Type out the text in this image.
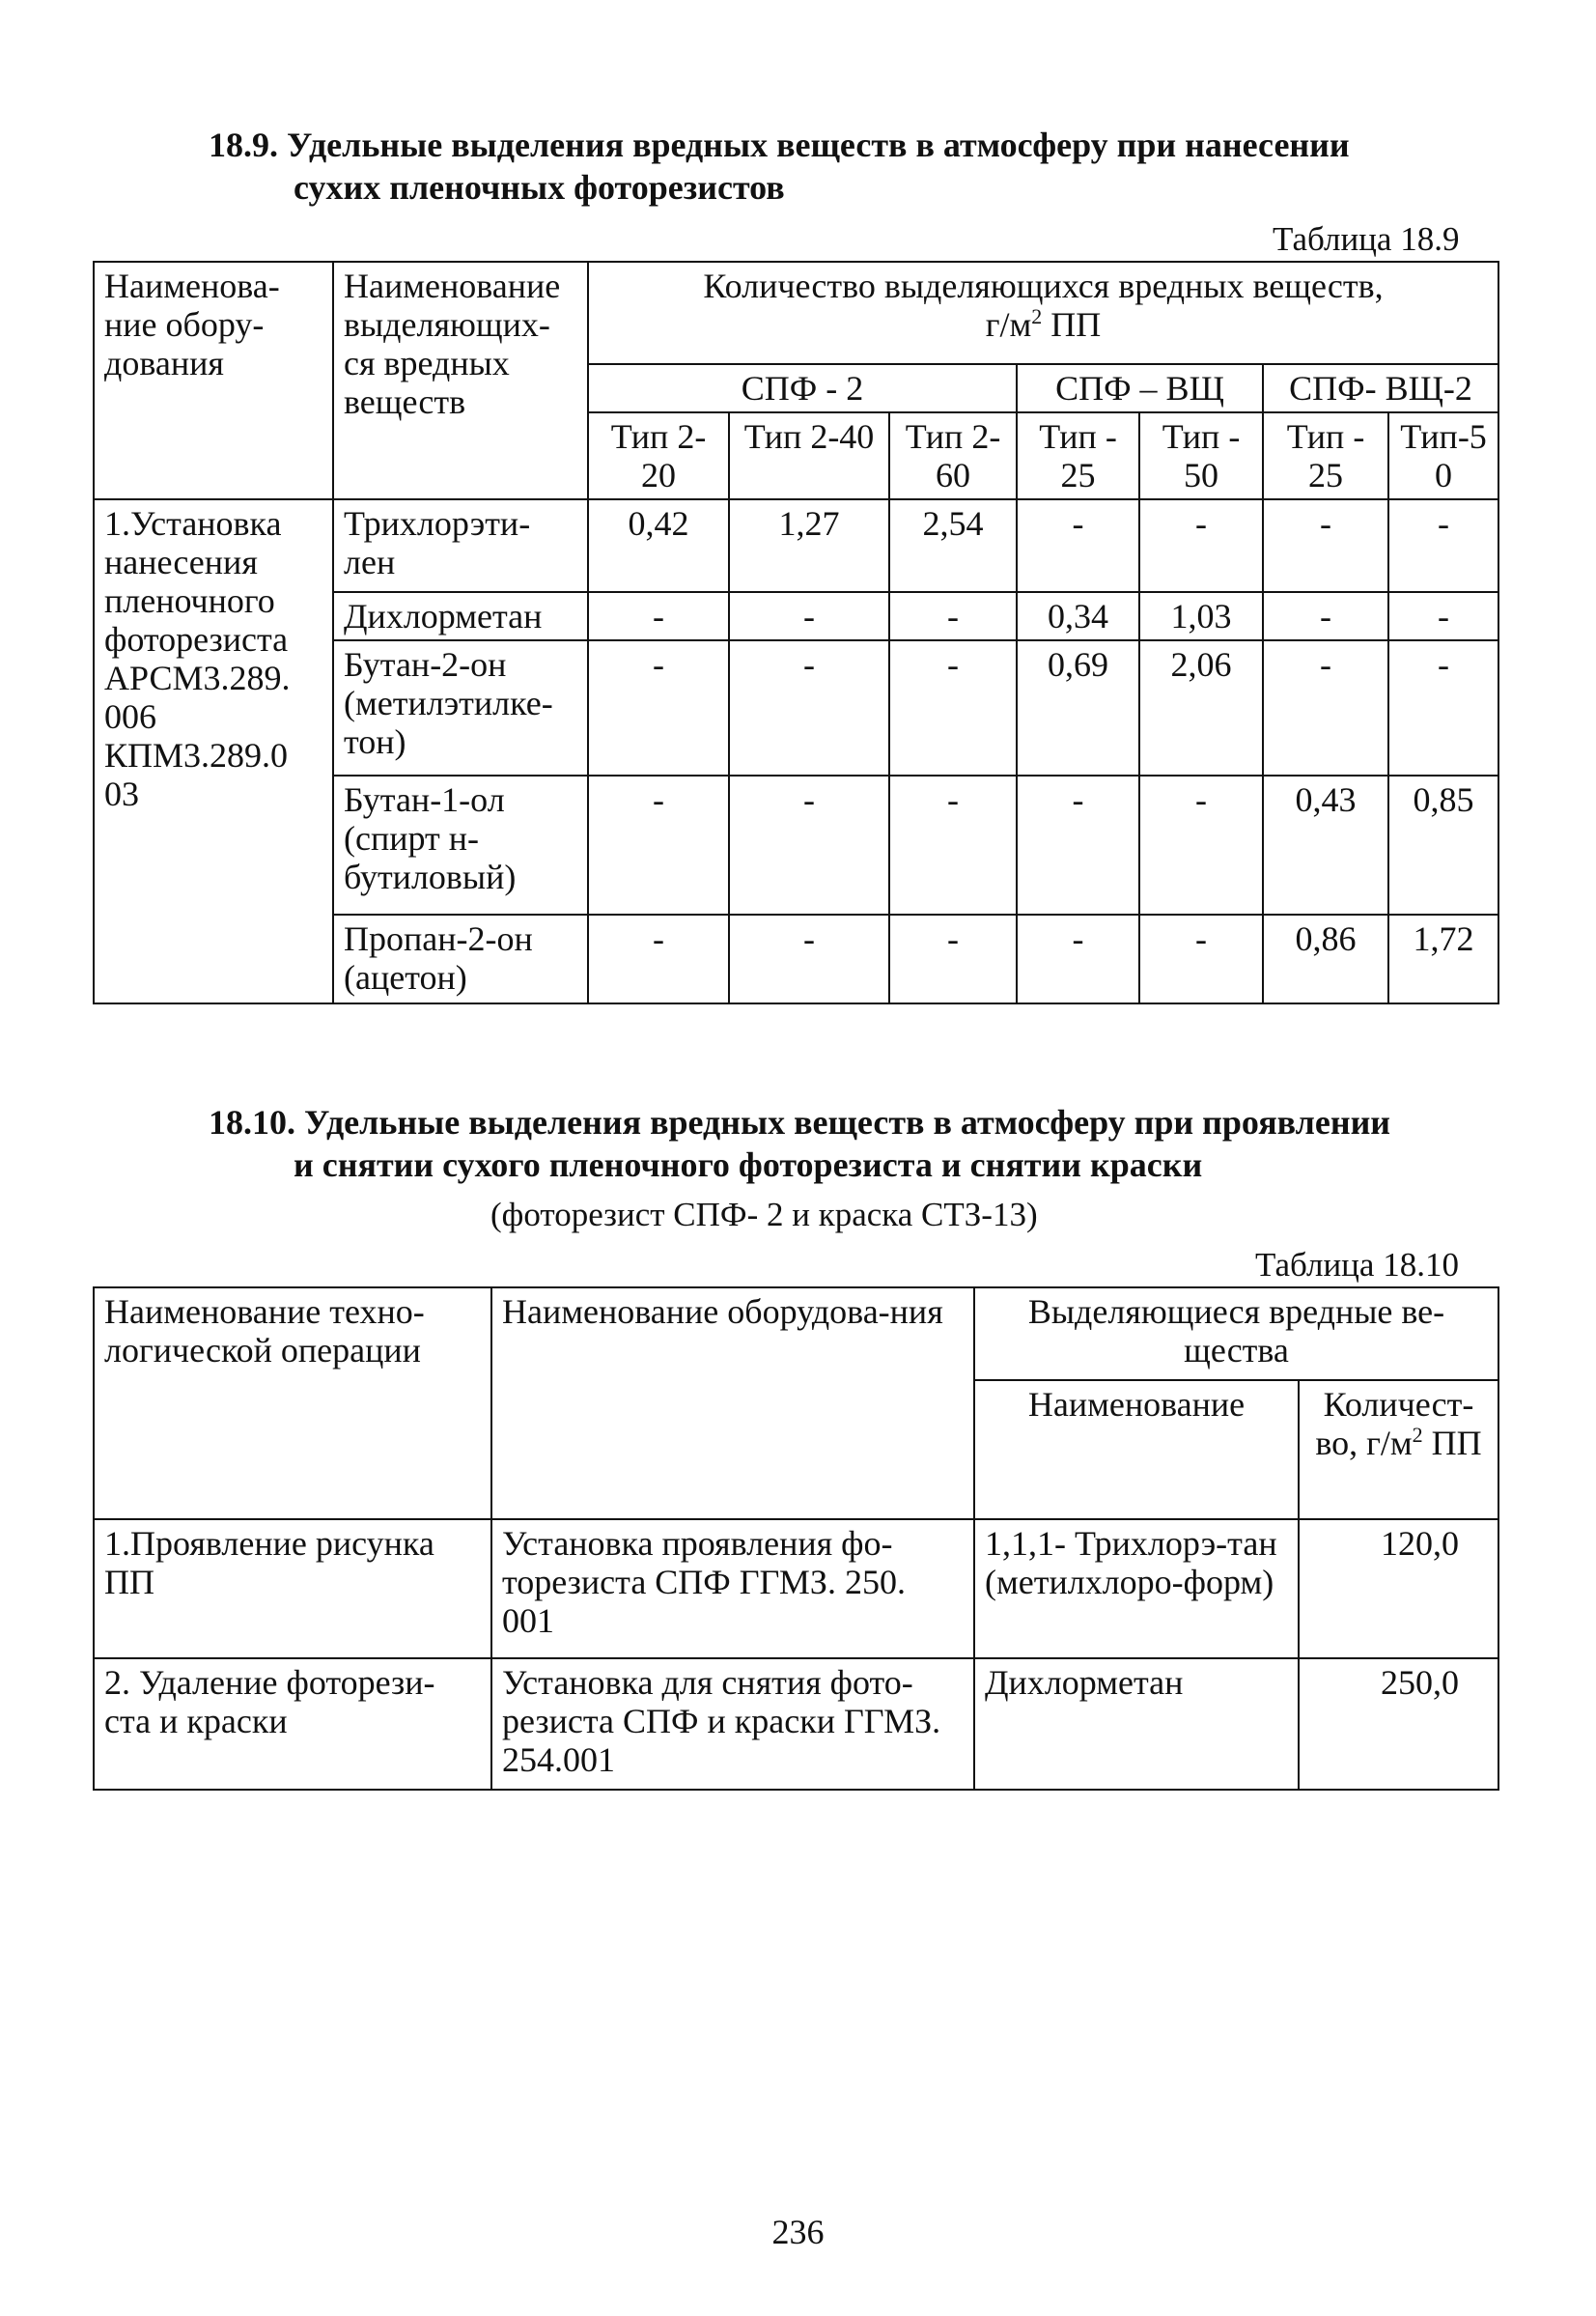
18.9. Удельные выделения вредных веществ в атмосферу при нанесении
сухих пленочных фоторезистов
Таблица 18.9
Наименова-ние обору-дования	Наименование выделяющих-ся вредных веществ	Количество выделяющихся вредных веществ,
$г/м^2$ ПП						
		СПФ - 2			СПФ – ВЩ		СПФ- ВЩ-2	
		Тип 2-20	Тип 2-40	Тип 2-60	Тип - 25	Тип - 50	Тип - 25	Тип-50
1.Установка нанесения пленочного фоторезиста АРСМ3.289. 006 КПМ3.289.0 03	Трихлорэти-лен	0,42	1,27	2,54	-	-	-	-
	Дихлорметан	-	-	-	0,34	1,03	-	-
	Бутан-2-он (метилэтилке-тон)	-	-	-	0,69	2,06	-	-
	Бутан-1-ол (спирт н-бутиловый)	-	-	-	-	-	0,43	0,85
	Пропан-2-он (ацетон)	-	-	-	-	-	0,86	1,72
18.10. Удельные выделения вредных веществ в атмосферу при проявлении
и снятии сухого пленочного фоторезиста и снятии краски
(фоторезист СПФ- 2 и краска СТЗ-13)
Таблица 18.10
Наименование техно-логической операции	Наименование оборудова-ния	Выделяющиеся вредные ве-щества	
		Наименование	Количест-во, $г/м^2$ ПП
1.Проявление рисунка ПП	Установка проявления фо-торезиста СПФ ГГМЗ. 250. 001	1,1,1- Трихлорэ-тан (метилхлоро-форм)	120,0
2. Удаление фоторези-ста и краски	Установка для снятия фото-резиста СПФ и краски ГГМЗ. 254.001	Дихлорметан	250,0
236
